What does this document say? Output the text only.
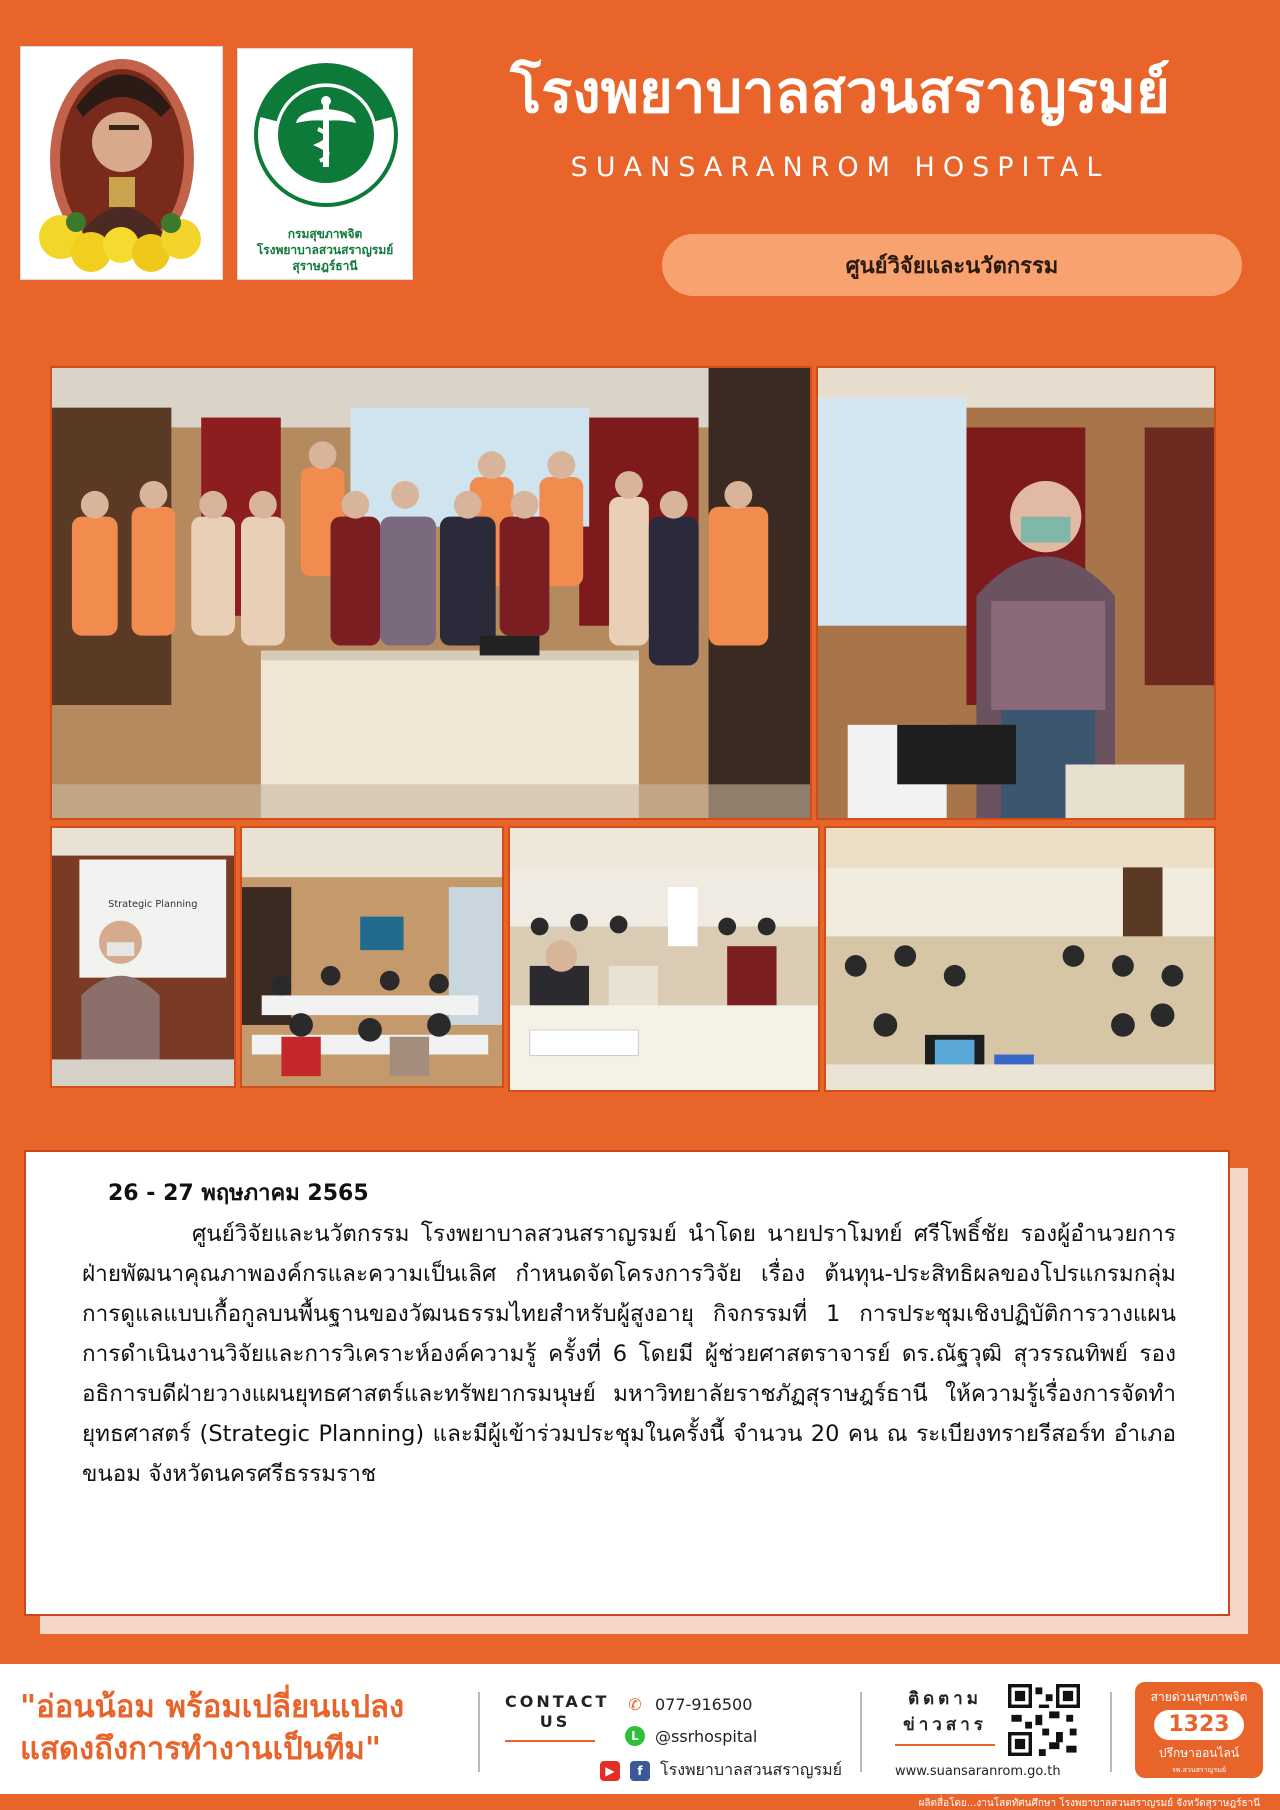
กรมสุขภาพจิต
โรงพยาบาลสวนสราญรมย์
สุราษฎร์ธานี
โรงพยาบาลสวนสราญรมย์
SUANSARANROM HOSPITAL
ศูนย์วิจัยและนวัตกรรม
Strategic Planning
26 - 27 พฤษภาคม 2565
ศูนย์วิจัยและนวัตกรรม โรงพยาบาลสวนสราญรมย์ นำโดย นายปราโมทย์ ศรีโพธิ์ชัย รองผู้อำนวยการฝ่ายพัฒนาคุณภาพองค์กรและความเป็นเลิศ กำหนดจัดโครงการวิจัย เรื่อง ต้นทุน-ประสิทธิผลของโปรแกรมกลุ่มการดูแลแบบเกื้อกูลบนพื้นฐานของวัฒนธรรมไทยสำหรับผู้สูงอายุ กิจกรรมที่ 1 การประชุมเชิงปฏิบัติการวางแผนการดำเนินงานวิจัยและการวิเคราะห์องค์ความรู้ ครั้งที่ 6 โดยมี ผู้ช่วยศาสตราจารย์ ดร.ณัฐวุฒิ สุวรรณทิพย์ รองอธิการบดีฝ่ายวางแผนยุทธศาสตร์และทรัพยากรมนุษย์ มหาวิทยาลัยราชภัฏสุราษฎร์ธานี ให้ความรู้เรื่องการจัดทำยุทธศาสตร์ (Strategic Planning) และมีผู้เข้าร่วมประชุมในครั้งนี้ จำนวน 20 คน ณ ระเบียงทรายรีสอร์ท อำเภอขนอม จังหวัดนครศรีธรรมราช
"อ่อนน้อม พร้อมเปลี่ยนแปลง
แสดงถึงการทำงานเป็นทีม"
CONTACT
US
✆ 077-916500
L	@ssrhospital
▶	f	โรงพยาบาลสวนสราญรมย์
ติดตาม
ข่าวสาร
www.suansaranrom.go.th
สายด่วนสุขภาพจิต
1323
ปรึกษาออนไลน์
รพ.สวนสราญรมย์
ผลิตสื่อโดย...งานโสตทัศนศึกษา โรงพยาบาลสวนสราญรมย์ จังหวัดสุราษฎร์ธานี
